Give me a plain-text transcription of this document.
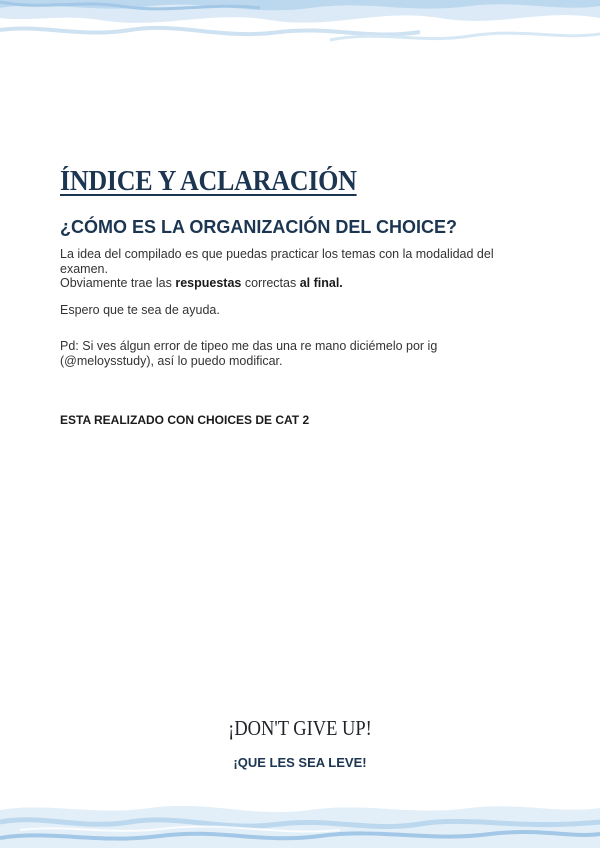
ÍNDICE Y ACLARACIÓN
¿CÓMO ES LA ORGANIZACIÓN DEL CHOICE?

La idea del compilado es que puedas practicar los temas con la modalidad del examen.
Obviamente trae las respuestas correctas al final.

Espero que te sea de ayuda.

Pd: Si ves álgun error de tipeo me das una re mano diciémelo por ig (@meloysstudy), así lo puedo modificar.

ESTA REALIZADO CON CHOICES DE CAT 2

¡DON'T GIVE UP!

¡QUE LES SEA LEVE!
